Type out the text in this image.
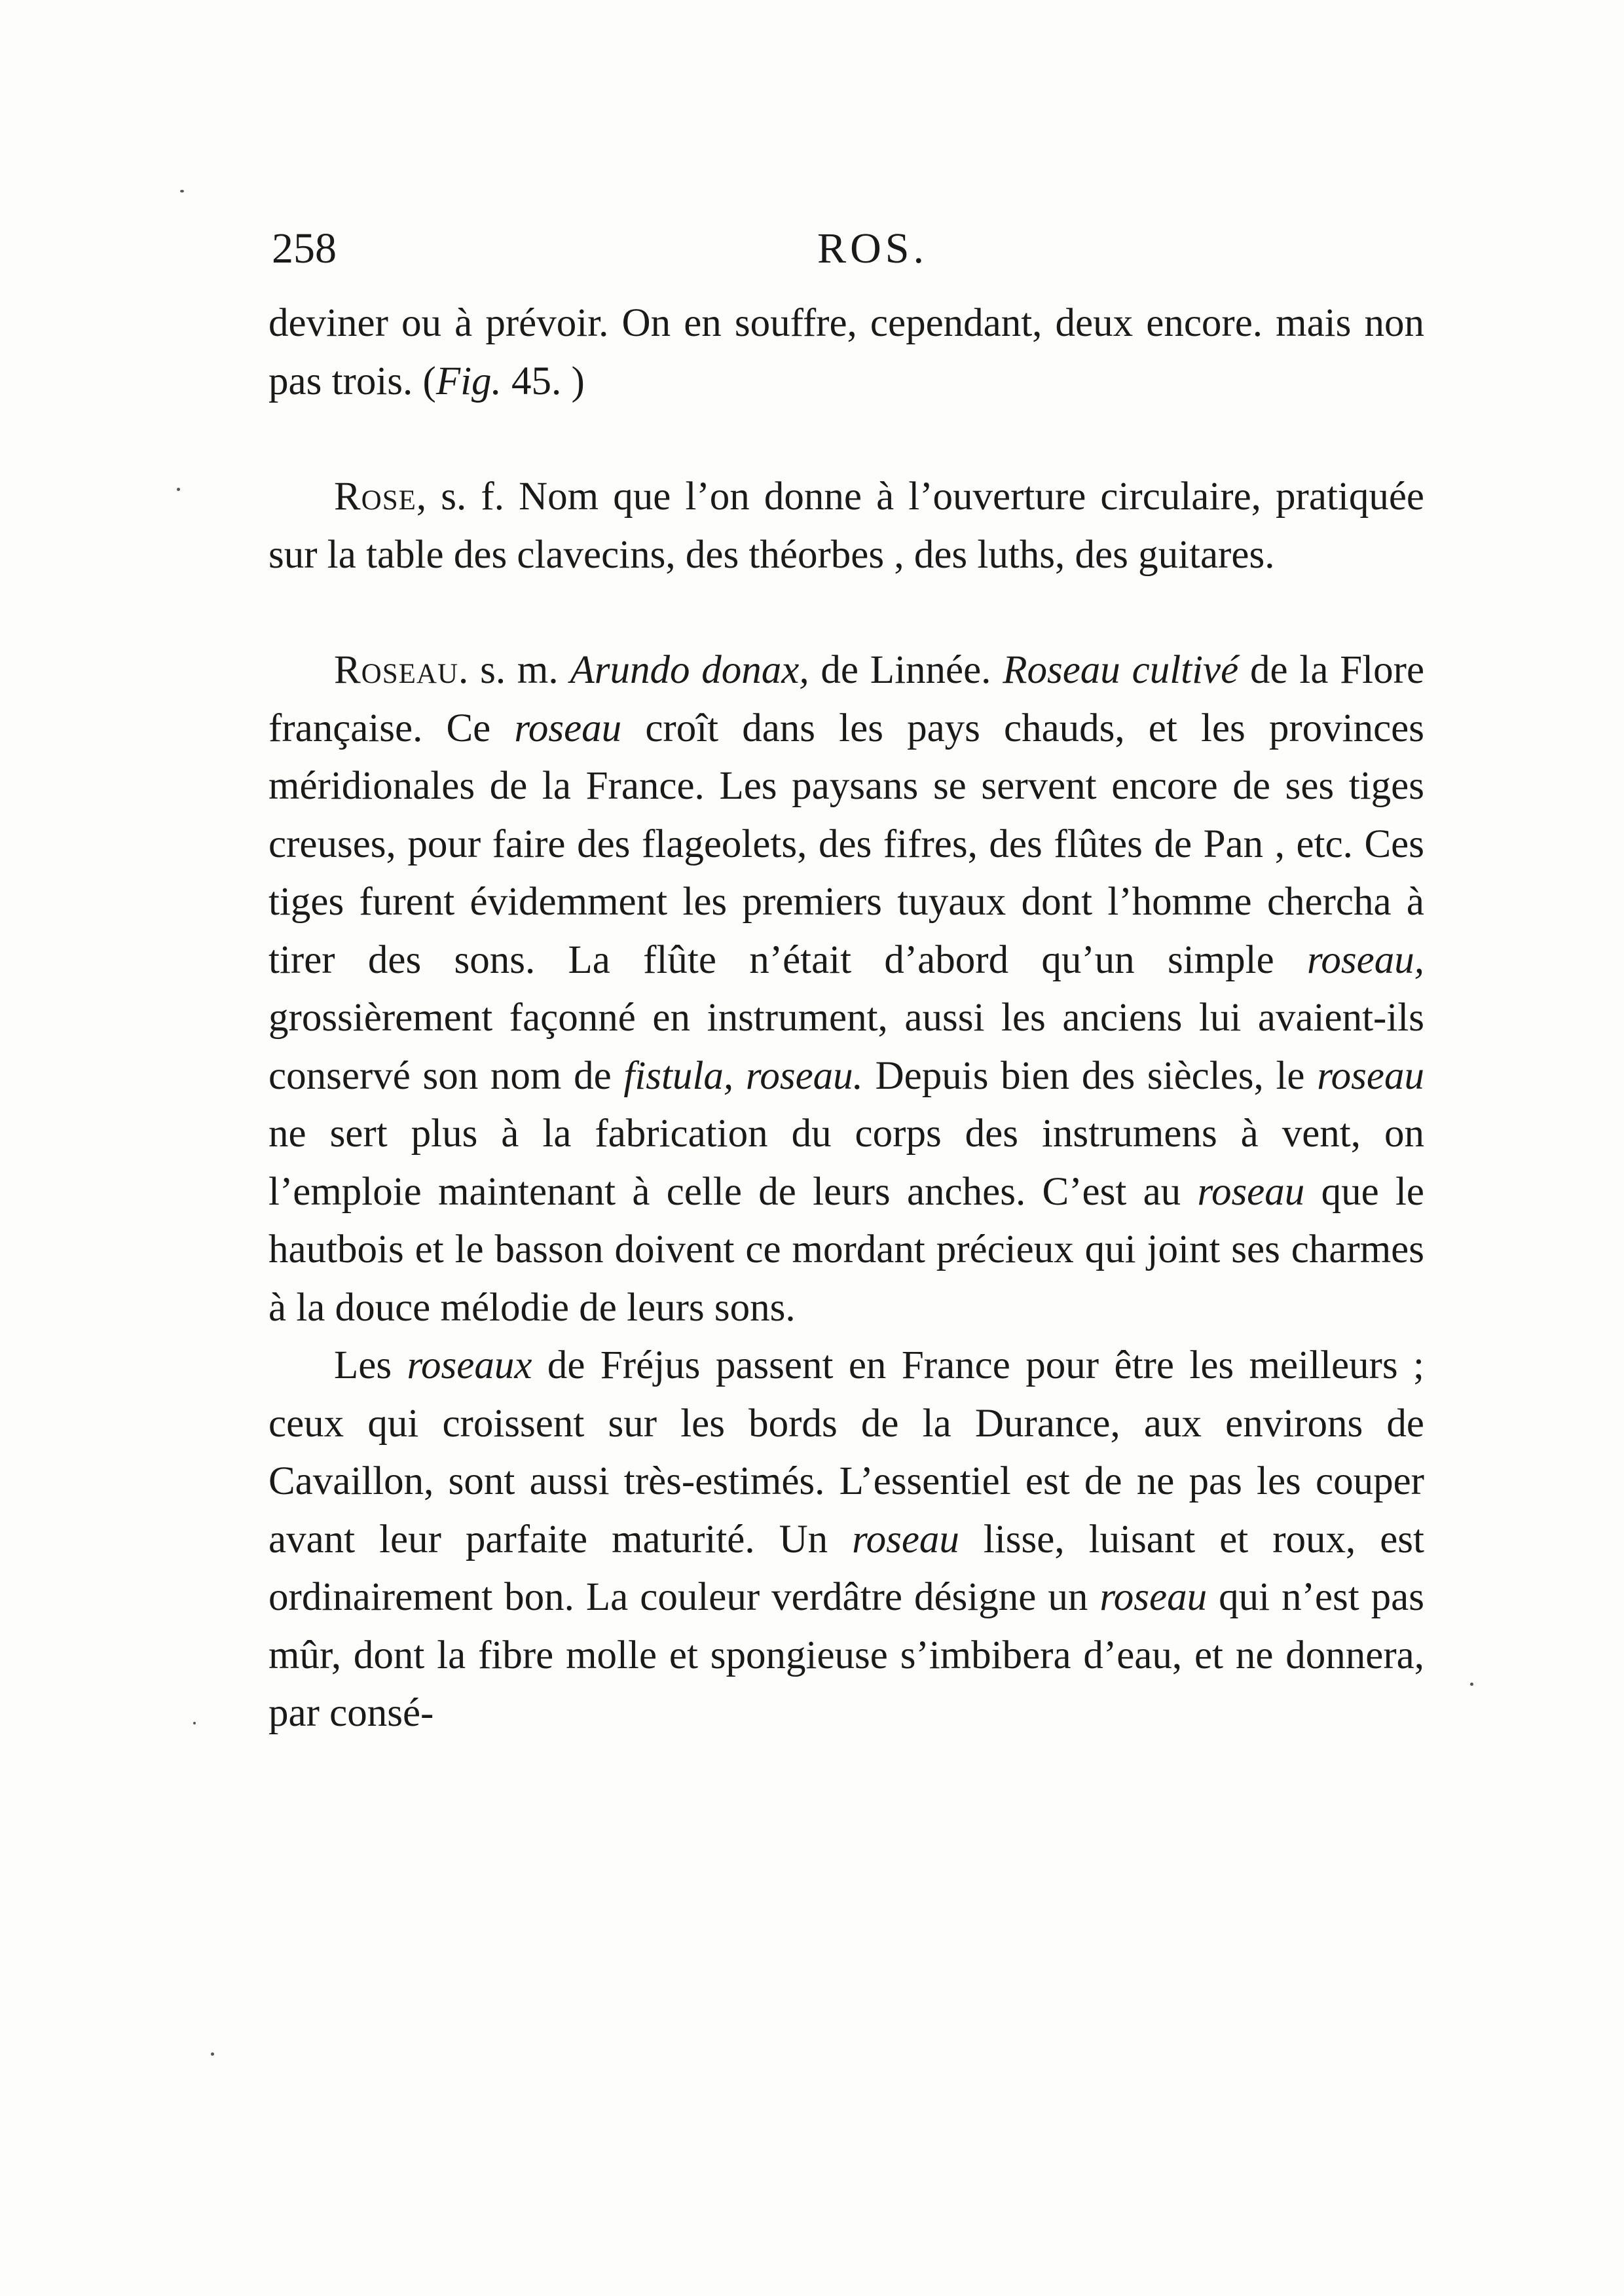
258	ROS.

deviner ou à prévoir. On en souffre, cependant, deux encore. mais non pas trois. (Fig. 45. )

Rose, s. f. Nom que l’on donne à l’ouverture circulaire, pratiquée sur la table des clavecins, des théorbes , des luths, des guitares.

Roseau. s. m. Arundo donax, de Linnée. Roseau cultivé de la Flore française. Ce roseau croît dans les pays chauds, et les provinces méridionales de la France. Les paysans se servent encore de ses tiges creuses, pour faire des flageolets, des fifres, des flûtes de Pan , etc. Ces tiges furent évidemment les premiers tuyaux dont l’homme chercha à tirer des sons. La flûte n’était d’abord qu’un simple roseau, grossièrement façonné en instrument, aussi les anciens lui avaient-ils conservé son nom de fistula, roseau. Depuis bien des siècles, le roseau ne sert plus à la fabrication du corps des instrumens à vent, on l’emploie maintenant à celle de leurs anches. C’est au roseau que le hautbois et le basson doivent ce mordant précieux qui joint ses charmes à la douce mélodie de leurs sons.

Les roseaux de Fréjus passent en France pour être les meilleurs ; ceux qui croissent sur les bords de la Durance, aux environs de Cavaillon, sont aussi très-estimés. L’essentiel est de ne pas les couper avant leur parfaite maturité. Un roseau lisse, luisant et roux, est ordinairement bon. La couleur verdâtre désigne un roseau qui n’est pas mûr, dont la fibre molle et spongieuse s’imbibera d’eau, et ne donnera, par consé-
